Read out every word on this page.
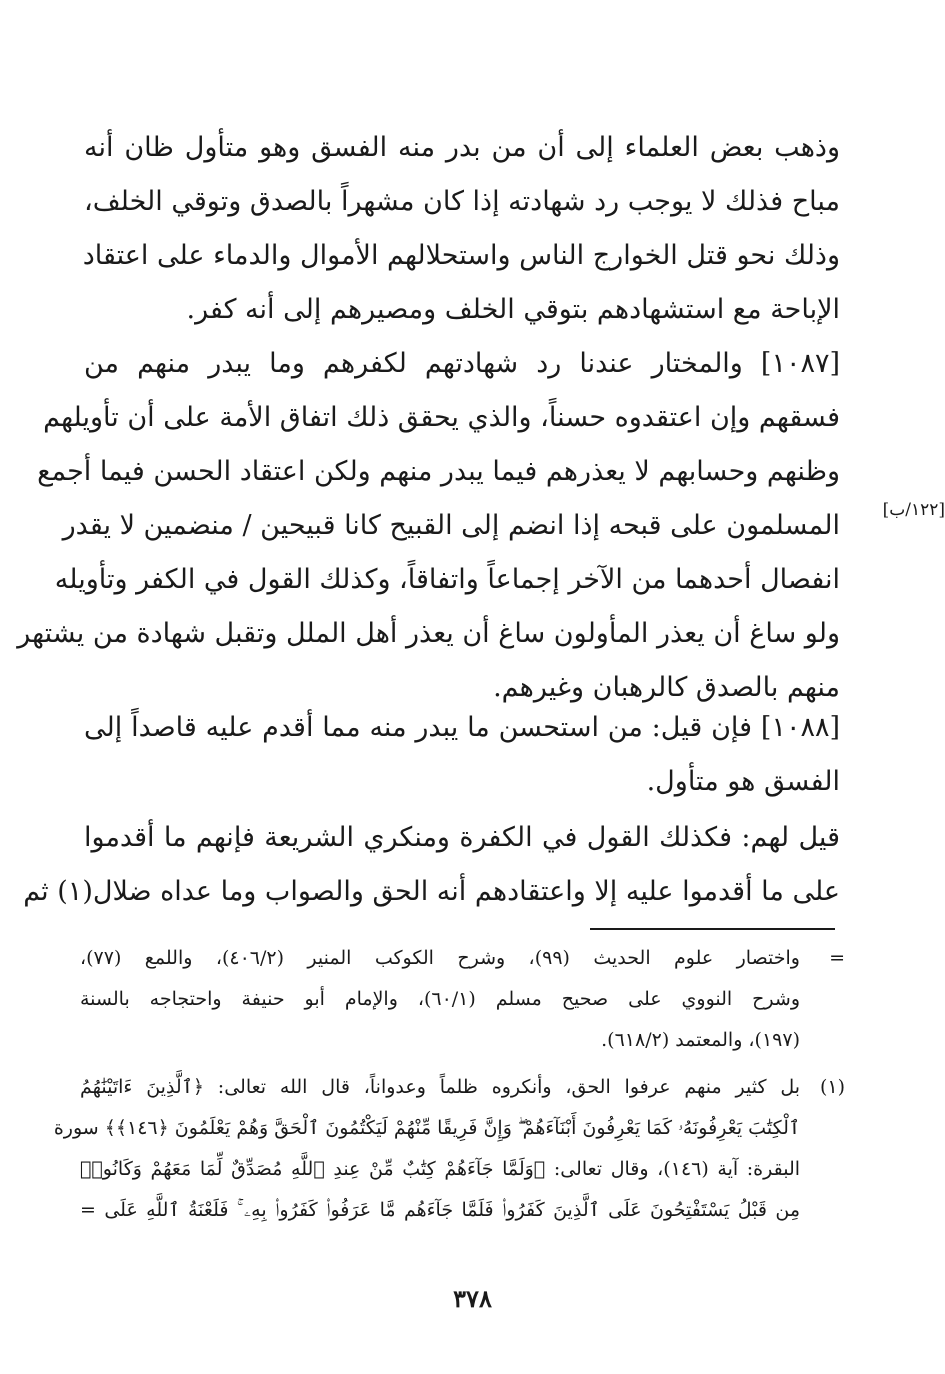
وذهب بعض العلماء إلى أن من بدر منه الفسق وهو متأول ظان أنه
مباح فذلك لا يوجب رد شهادته إذا كان مشهراً بالصدق وتوقي الخلف،
وذلك نحو قتل الخوارج الناس واستحلالهم الأموال والدماء على اعتقاد
الإباحة مع استشهادهم بتوقي الخلف ومصيرهم إلى أنه كفر.
[١٠٨٧] والمختار عندنا رد شهادتهم لكفرهم وما يبدر منهم من
فسقهم وإن اعتقدوه حسناً، والذي يحقق ذلك اتفاق الأمة على أن تأويلهم
وظنهم وحسابهم لا يعذرهم فيما يبدر منهم ولكن اعتقاد الحسن فيما أجمع
المسلمون على قبحه إذا انضم إلى القبيح كانا قبيحين / منضمين لا يقدر
انفصال أحدهما من الآخر إجماعاً واتفاقاً، وكذلك القول في الكفر وتأويله
ولو ساغ أن يعذر المأولون ساغ أن يعذر أهل الملل وتقبل شهادة من يشتهر
منهم بالصدق كالرهبان وغيرهم.
[١٢٢/ب]
[١٠٨٨] فإن قيل: من استحسن ما يبدر منه مما أقدم عليه قاصداً إلى
الفسق هو متأول.
قيل لهم: فكذلك القول في الكفرة ومنكري الشريعة فإنهم ما أقدموا
على ما أقدموا عليه إلا واعتقادهم أنه الحق والصواب وما عداه ضلال(١) ثم
=
واختصار علوم الحديث (٩٩)، وشرح الكوكب المنير (٤٠٦/٢)، واللمع (٧٧)،
وشرح النووي على صحيح مسلم (٦٠/١)، والإمام أبو حنيفة واحتجاجه بالسنة
(١٩٧)، والمعتمد (٦١٨/٢).
(١)
بل كثير منهم عرفوا الحق، وأنكروه ظلماً وعدواناً، قال الله تعالى: ﴿ٱلَّذِينَ ءَاتَيْنَٰهُمُ
ٱلْكِتَٰبَ يَعْرِفُونَهُۥ كَمَا يَعْرِفُونَ أَبْنَآءَهُمْ ۖ وَإِنَّ فَرِيقًا مِّنْهُمْ لَيَكْتُمُونَ ٱلْحَقَّ وَهُمْ يَعْلَمُونَ ﴿١٤٦﴾﴾ سورة
البقرة: آية (١٤٦)، وقال تعالى: ﴿وَلَمَّا جَآءَهُمْ كِتَٰبٌ مِّنْ عِندِ ٱللَّهِ مُصَدِّقٌ لِّمَا مَعَهُمْ وَكَانُوا۟
مِن قَبْلُ يَسْتَفْتِحُونَ عَلَى ٱلَّذِينَ كَفَرُوا۟ فَلَمَّا جَآءَهُم مَّا عَرَفُوا۟ كَفَرُوا۟ بِهِۦ ۚ فَلَعْنَةُ ٱللَّهِ عَلَى =
٣٧٨
